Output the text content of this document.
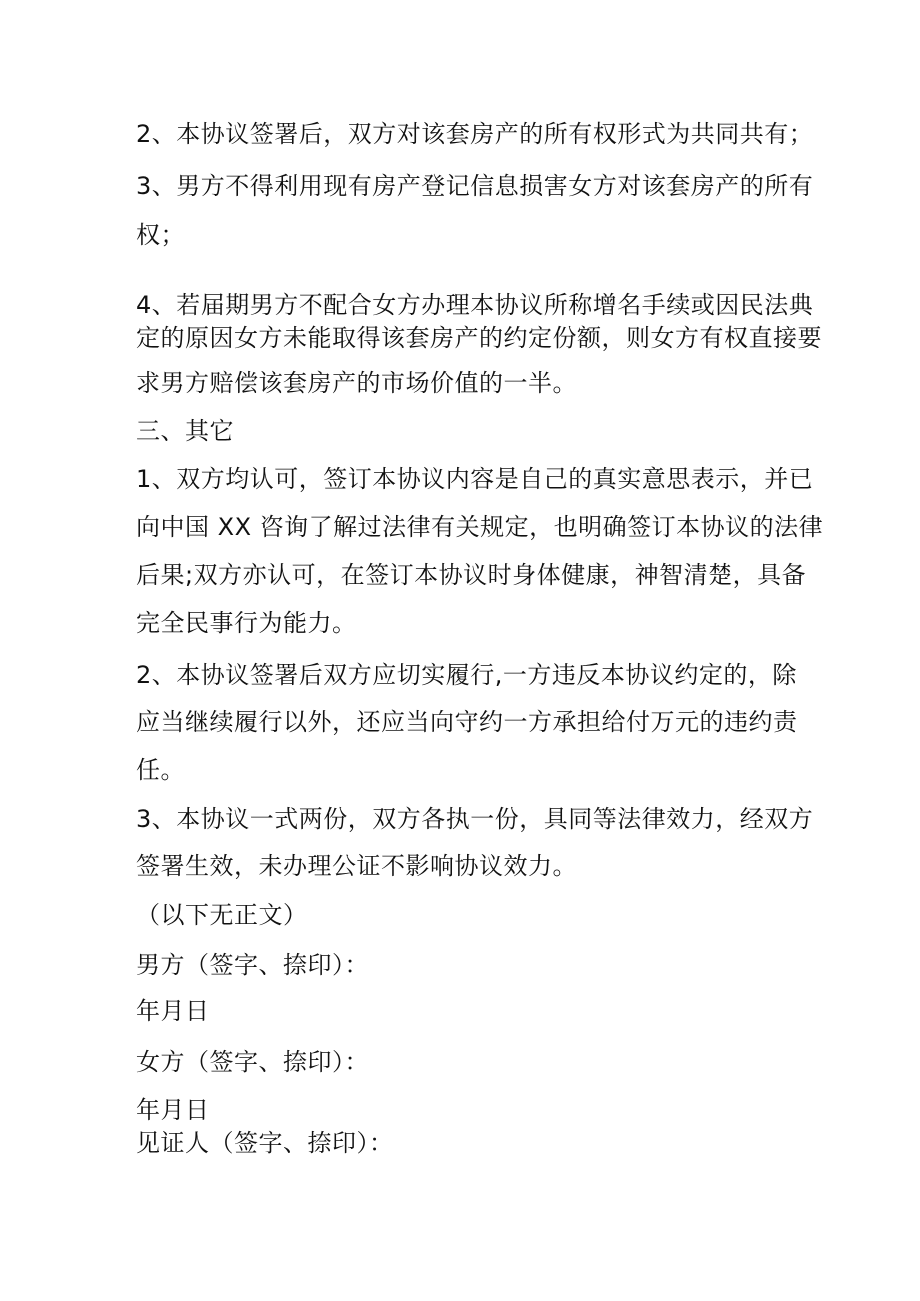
2、本协议签署后，双方对该套房产的所有权形式为共同共有；
3、男方不得利用现有房产登记信息损害女方对该套房产的所有
权；
4、若届期男方不配合女方办理本协议所称增名手续或因民法典
定的原因女方未能取得该套房产的约定份额，则女方有权直接要
求男方赔偿该套房产的市场价值的一半。
三、其它
1、双方均认可，签订本协议内容是自己的真实意思表示，并已
向中国 XX 咨询了解过法律有关规定，也明确签订本协议的法律
后果;双方亦认可，在签订本协议时身体健康，神智清楚，具备
完全民事行为能力。
2、本协议签署后双方应切实履行,一方违反本协议约定的，除
应当继续履行以外，还应当向守约一方承担给付万元的违约责
任。
3、本协议一式两份，双方各执一份，具同等法律效力，经双方
签署生效，未办理公证不影响协议效力。
（以下无正文）
男方（签字、捺印）：
年月日
女方（签字、捺印）：
年月日
见证人（签字、捺印）：
